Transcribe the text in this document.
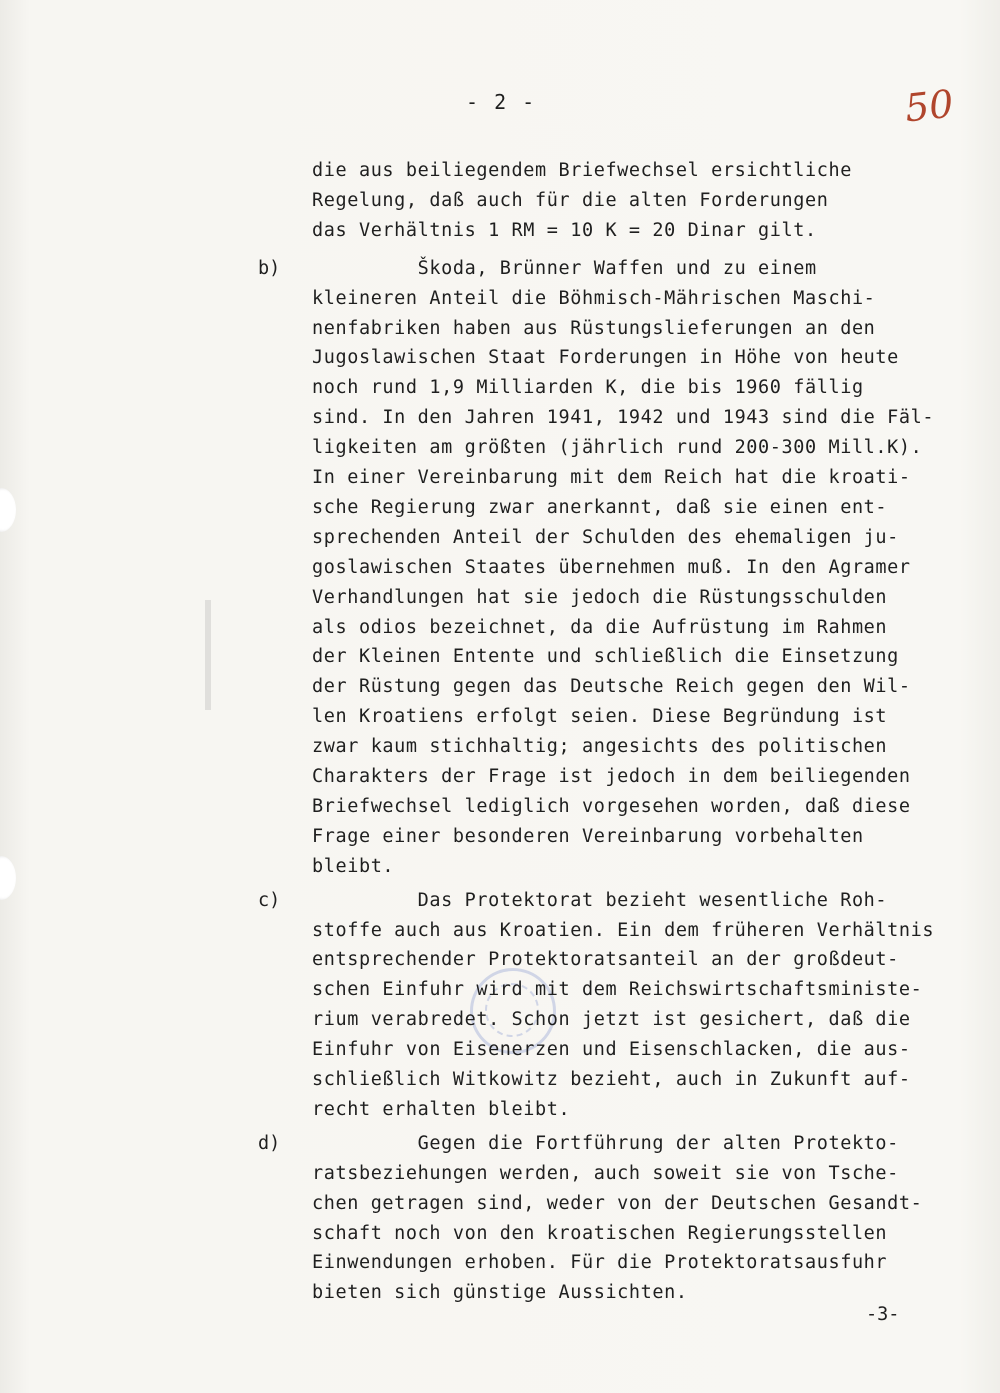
- 2 -	50
die aus beiliegendem Briefwechsel ersichtliche
Regelung, daß auch für die alten Forderungen
das Verhältnis 1 RM = 10 K = 20 Dinar gilt.
b) Škoda, Brünner Waffen und zu einem
kleineren Anteil die Böhmisch-Mährischen Maschi-
nenfabriken haben aus Rüstungslieferungen an den
Jugoslawischen Staat Forderungen in Höhe von heute
noch rund 1,9 Milliarden K, die bis 1960 fällig
sind. In den Jahren 1941, 1942 und 1943 sind die Fäl-
ligkeiten am größten (jährlich rund 200-300 Mill.K).
In einer Vereinbarung mit dem Reich hat die kroati-
sche Regierung zwar anerkannt, daß sie einen ent-
sprechenden Anteil der Schulden des ehemaligen ju-
goslawischen Staates übernehmen muß. In den Agramer
Verhandlungen hat sie jedoch die Rüstungsschulden
als odios bezeichnet, da die Aufrüstung im Rahmen
der Kleinen Entente und schließlich die Einsetzung
der Rüstung gegen das Deutsche Reich gegen den Wil-
len Kroatiens erfolgt seien. Diese Begründung ist
zwar kaum stichhaltig; angesichts des politischen
Charakters der Frage ist jedoch in dem beiliegenden
Briefwechsel lediglich vorgesehen worden, daß diese
Frage einer besonderen Vereinbarung vorbehalten
bleibt.
c) Das Protektorat bezieht wesentliche Roh-
stoffe auch aus Kroatien. Ein dem früheren Verhältnis
entsprechender Protektoratsanteil an der großdeut-
schen Einfuhr wird mit dem Reichswirtschaftsministe-
rium verabredet. Schon jetzt ist gesichert, daß die
Einfuhr von Eisenerzen und Eisenschlacken, die aus-
schließlich Witkowitz bezieht, auch in Zukunft auf-
recht erhalten bleibt.
d) Gegen die Fortführung der alten Protekto-
ratsbeziehungen werden, auch soweit sie von Tsche-
chen getragen sind, weder von der Deutschen Gesandt-
schaft noch von den kroatischen Regierungsstellen
Einwendungen erhoben. Für die Protektoratsausfuhr
bieten sich günstige Aussichten.
-3-
